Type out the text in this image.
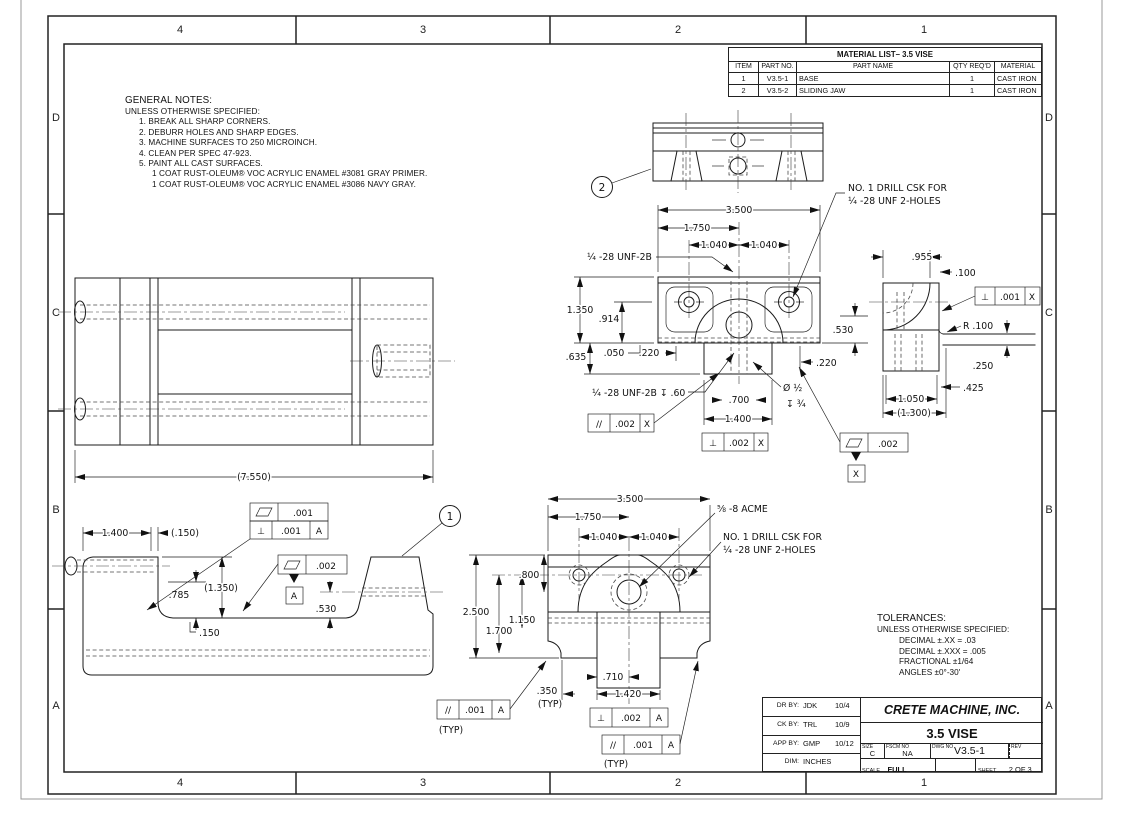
(7.550)
2
3.500
1.750
1.040	1.040
¼ -28 UNF-2B
1.350
.914
.635 .050 .220
.220
.530
¼ -28 UNF-2B ↧ .60
.700
1.400
Ø ½
↧ ¾
// .002 X
⊥ .002 X	.002
X
NO. 1 DRILL CSK FOR
¼ -28 UNF 2-HOLES
.955
.100
⊥ .001 X
R .100
.250
.425
1.050
(1.300)
1.400	(.150)
.785
(1.350)
.530
.150
.001
⊥ .001 A
.002
A
1
3.500
1.750
1.040	1.040
⅝ -8 ACME
NO. 1 DRILL CSK FOR
¼ -28 UNF 2-HOLES
2.500
1.700
1.150
.800
.710
1.420
.350
(TYP)
// .001 A
(TYP)
⊥ .002 A
// .001 A
(TYP)
4	3	2	1
4	3	2	1
D
C
B
A
D
C
B
A
MATERIAL LIST– 3.5 VISE
ITEM	PART NO.	PART NAME	QTY REQ'D	MATERIAL
1	V3.5-1	BASE	1	CAST IRON
2	V3.5-2	SLIDING JAW	1	CAST IRON
GENERAL NOTES:
UNLESS OTHERWISE SPECIFIED:
1. BREAK ALL SHARP CORNERS.
2. DEBURR HOLES AND SHARP EDGES.
3. MACHINE SURFACES TO 250 MICROINCH.
4. CLEAN PER SPEC 47-923.
5. PAINT ALL CAST SURFACES.
1 COAT RUST-OLEUM® VOC ACRYLIC ENAMEL #3081 GRAY PRIMER.
1 COAT RUST-OLEUM® VOC ACRYLIC ENAMEL #3086 NAVY GRAY.
TOLERANCES:
UNLESS OTHERWISE SPECIFIED:
DECIMAL ±.XX = .03
DECIMAL ±.XXX = .005
FRACTIONAL ±1/64
ANGLES ±0°-30'
DR BY: JDK	10/4
CK BY: TRL	10/9
APP BY: GMP	10/12
DIM: INCHES
CRETE MACHINE, INC.
3.5 VISE
SIZE
C
FSCM NO
NA
DWG NO V3.5-1	REV
SCALE FULL	SHEET 2 OF 3
